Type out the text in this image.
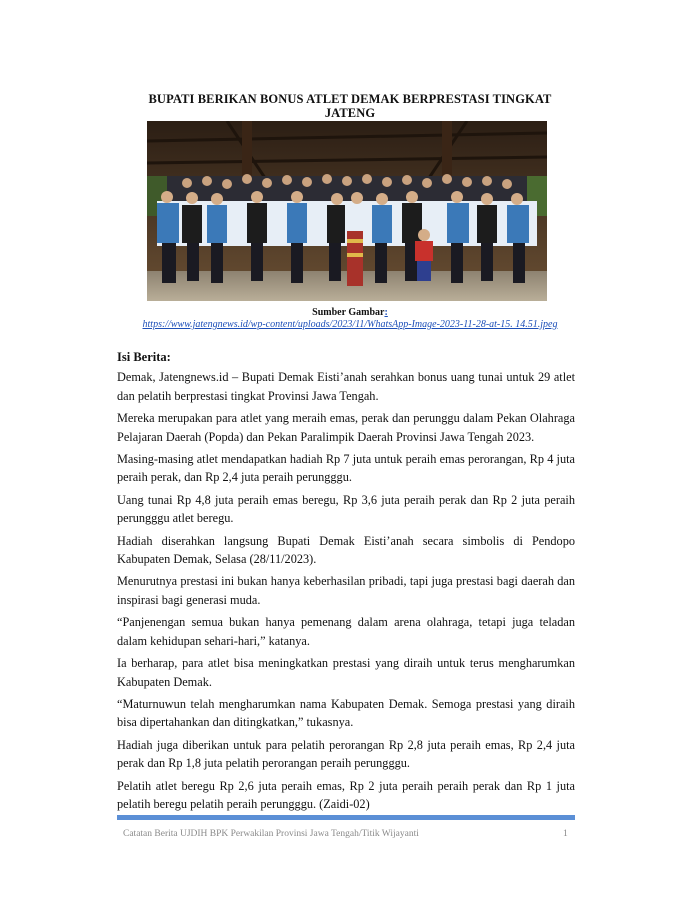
BUPATI BERIKAN BONUS ATLET DEMAK BERPRESTASI TINGKAT JATENG
Sumber Gambar:
https://www.jatengnews.id/wp-content/uploads/2023/11/WhatsApp-Image-2023-11-28-at-15. 14.51.jpeg
Isi Berita:

Demak, Jatengnews.id – Bupati Demak Eisti’anah serahkan bonus uang tunai untuk 29 atlet dan pelatih berprestasi tingkat Provinsi Jawa Tengah.

Mereka merupakan para atlet yang meraih emas, perak dan perunggu dalam Pekan Olahraga Pelajaran Daerah (Popda) dan Pekan Paralimpik Daerah Provinsi Jawa Tengah 2023.

Masing-masing atlet mendapatkan hadiah Rp 7 juta untuk peraih emas perorangan, Rp 4 juta peraih perak, dan Rp 2,4 juta peraih perungggu.

Uang tunai Rp 4,8 juta peraih emas beregu, Rp 3,6 juta peraih perak dan Rp 2 juta peraih perungggu atlet beregu.

Hadiah diserahkan langsung Bupati Demak Eisti’anah secara simbolis di Pendopo Kabupaten Demak, Selasa (28/11/2023).

Menurutnya prestasi ini bukan hanya keberhasilan pribadi, tapi juga prestasi bagi daerah dan inspirasi bagi generasi muda.

“Panjenengan semua bukan hanya pemenang dalam arena olahraga, tetapi juga teladan dalam kehidupan sehari-hari,” katanya.

Ia berharap, para atlet bisa meningkatkan prestasi yang diraih untuk terus mengharumkan Kabupaten Demak.

“Maturnuwun telah mengharumkan nama Kabupaten Demak. Semoga prestasi yang diraih bisa dipertahankan dan ditingkatkan,” tukasnya.

Hadiah juga diberikan untuk para pelatih perorangan Rp 2,8 juta peraih emas, Rp 2,4 juta perak dan Rp 1,8 juta pelatih perorangan peraih perungggu.

Pelatih atlet beregu Rp 2,6 juta peraih emas, Rp 2 juta peraih peraih perak dan Rp 1 juta pelatih beregu pelatih peraih perungggu. (Zaidi-02)

Catatan Berita UJDIH BPK Perwakilan Provinsi Jawa Tengah/Titik Wijayanti	1
